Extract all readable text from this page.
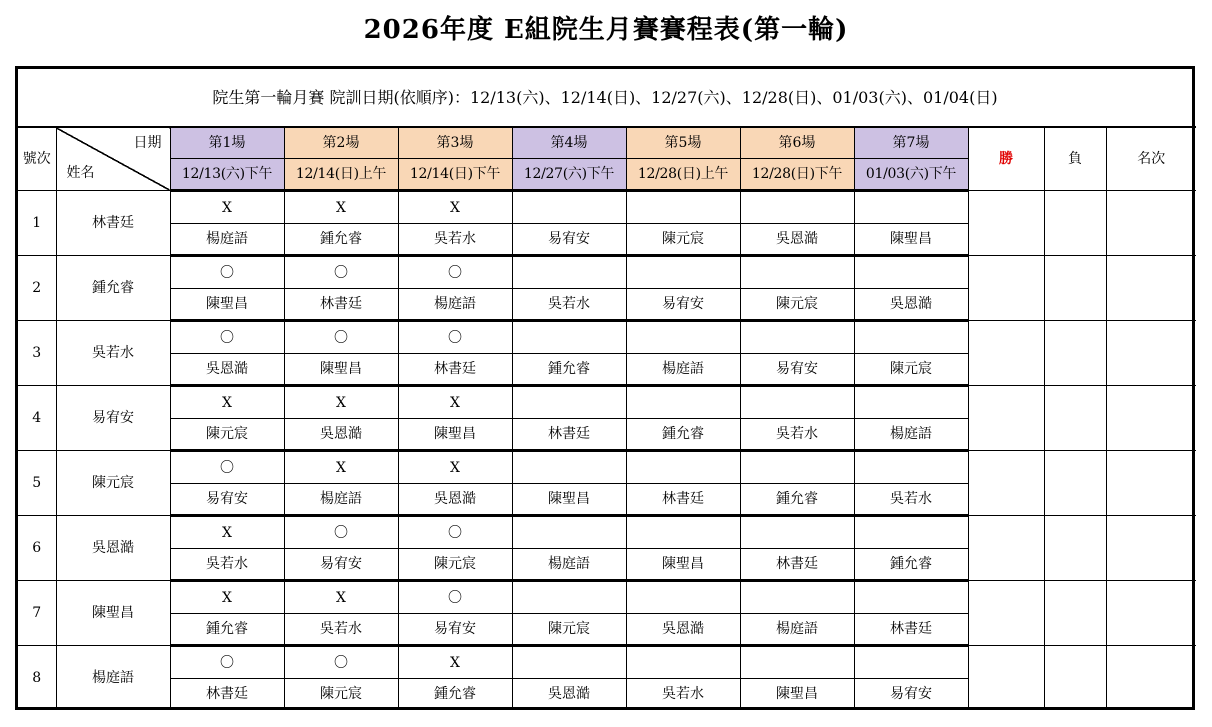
2026年度 E組院生月賽賽程表(第一輪)
院生第一輪月賽 院訓日期(依順序)：12/13(六)、12/14(日)、12/27(六)、12/28(日)、01/03(六)、01/04(日)
號次	日期
姓名	第1場	第2場	第3場	第4場	第5場	第6場	第7場	勝	負	名次
		12/13(六)下午	12/14(日)上午	12/14(日)下午	12/27(六)下午	12/28(日)上午	12/28(日)下午	01/03(六)下午			
1	林書廷	X	X	X							
		楊庭語	鍾允睿	吳若水	易宥安	陳元宸	吳恩澔	陳聖昌			
2	鍾允睿	〇	〇	〇							
		陳聖昌	林書廷	楊庭語	吳若水	易宥安	陳元宸	吳恩澔			
3	吳若水	〇	〇	〇							
		吳恩澔	陳聖昌	林書廷	鍾允睿	楊庭語	易宥安	陳元宸			
4	易宥安	X	X	X							
		陳元宸	吳恩澔	陳聖昌	林書廷	鍾允睿	吳若水	楊庭語			
5	陳元宸	〇	X	X							
		易宥安	楊庭語	吳恩澔	陳聖昌	林書廷	鍾允睿	吳若水			
6	吳恩澔	X	〇	〇							
		吳若水	易宥安	陳元宸	楊庭語	陳聖昌	林書廷	鍾允睿			
7	陳聖昌	X	X	〇							
		鍾允睿	吳若水	易宥安	陳元宸	吳恩澔	楊庭語	林書廷			
8	楊庭語	〇	〇	X							
		林書廷	陳元宸	鍾允睿	吳恩澔	吳若水	陳聖昌	易宥安			
